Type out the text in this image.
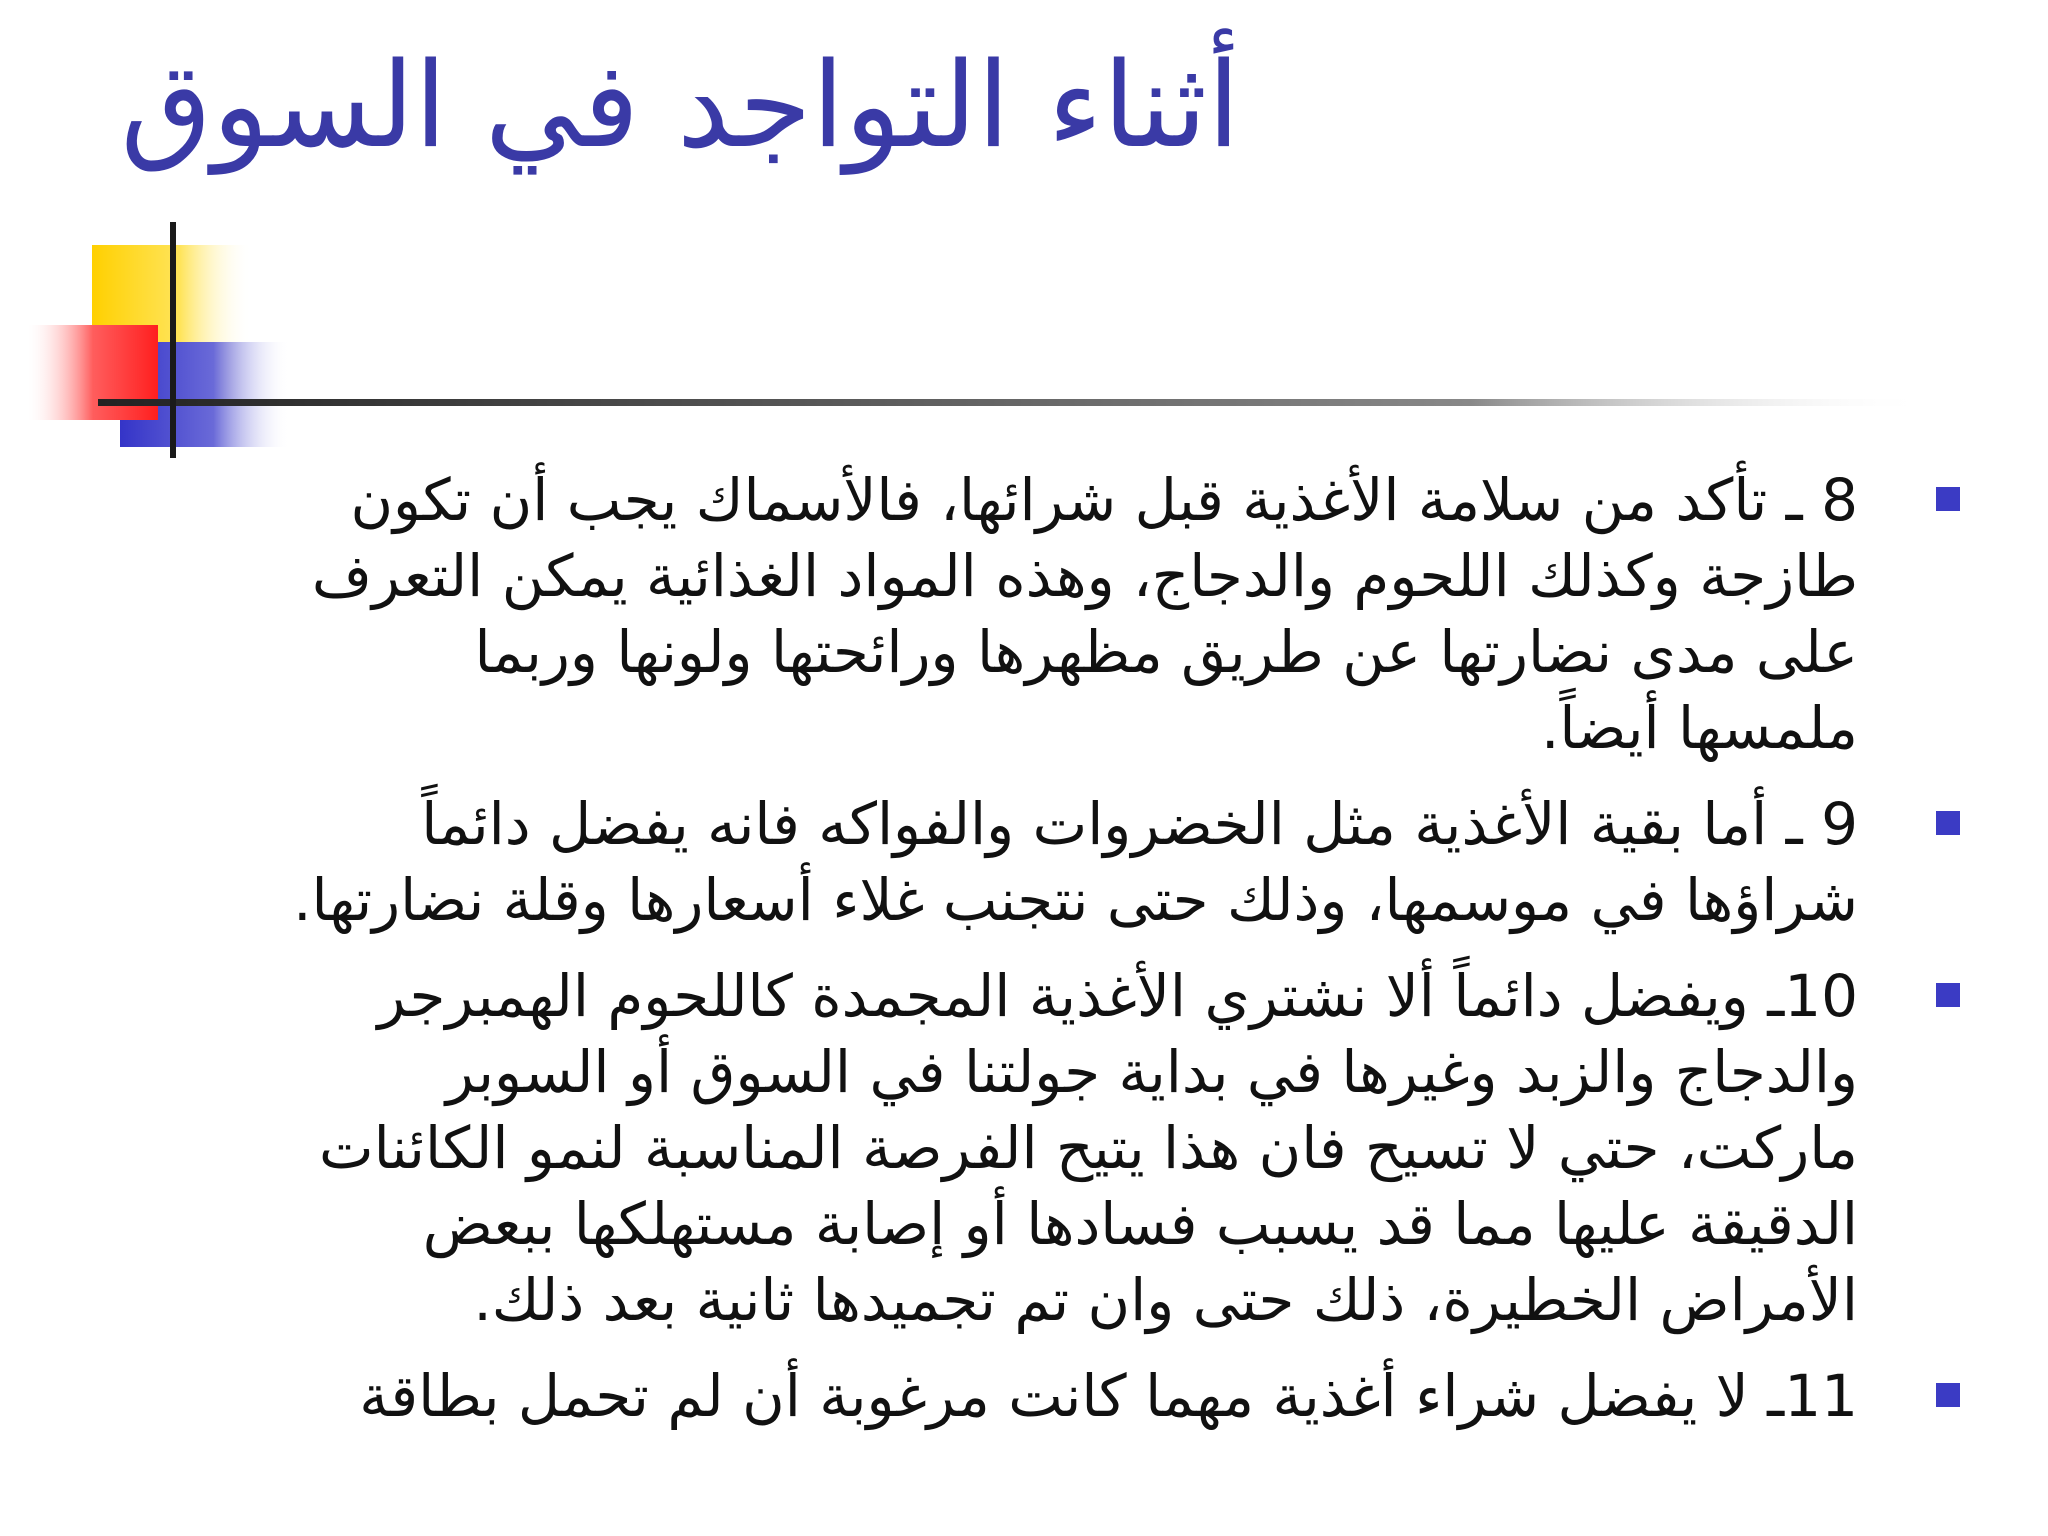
أثناء التواجد في السوق
8 ـ تأكد من سلامة الأغذية قبل شرائها، فالأسماك يجب أن تكون طازجة وكذلك اللحوم والدجاج، وهذه المواد الغذائية يمكن التعرف على مدى نضارتها عن طريق مظهرها ورائحتها ولونها وربما ملمسها أيضاً.
9 ـ أما بقية الأغذية مثل الخضروات والفواكه فانه يفضل دائماً شراؤها في موسمها، وذلك حتى نتجنب غلاء أسعارها وقلة نضارتها.
10ـ ويفضل دائماً ألا نشتري الأغذية المجمدة كاللحوم الهمبرجر والدجاج والزبد وغيرها في بداية جولتنا في السوق أو السوبر ماركت، حتي لا تسيح فان هذا يتيح الفرصة المناسبة لنمو الكائنات الدقيقة عليها مما قد يسبب فسادها أو إصابة مستهلكها ببعض الأمراض الخطيرة، ذلك حتى وان تم تجميدها ثانية بعد ذلك.
11ـ لا يفضل شراء أغذية مهما كانت مرغوبة أن لم تحمل بطاقة
